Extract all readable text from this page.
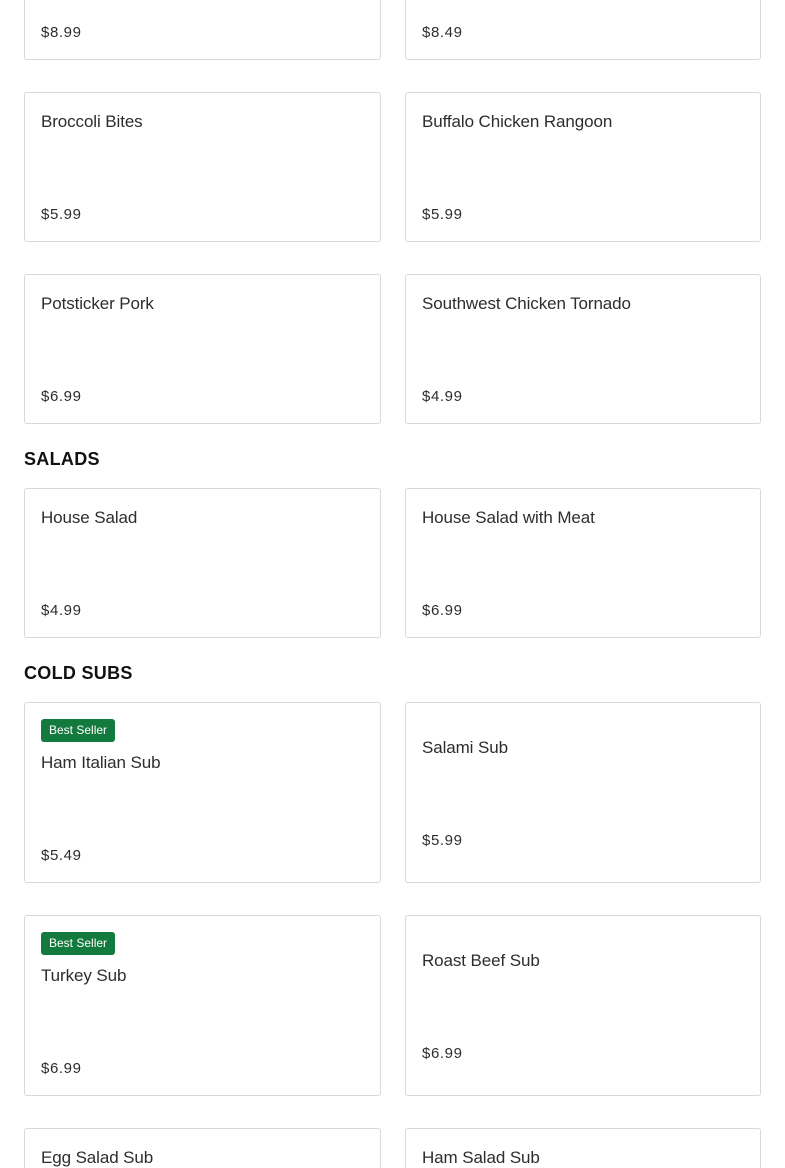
$8.99	$8.49
Broccoli Bites
$5.99
Buffalo Chicken Rangoon
$5.99
Potsticker Pork
$6.99
Southwest Chicken Tornado
$4.99
SALADS
House Salad
$4.99
House Salad with Meat
$6.99
COLD SUBS
Best Seller
Ham Italian Sub
$5.49
Salami Sub
$5.99
Best Seller
Turkey Sub
$6.99
Roast Beef Sub
$6.99
Egg Salad Sub	Ham Salad Sub
